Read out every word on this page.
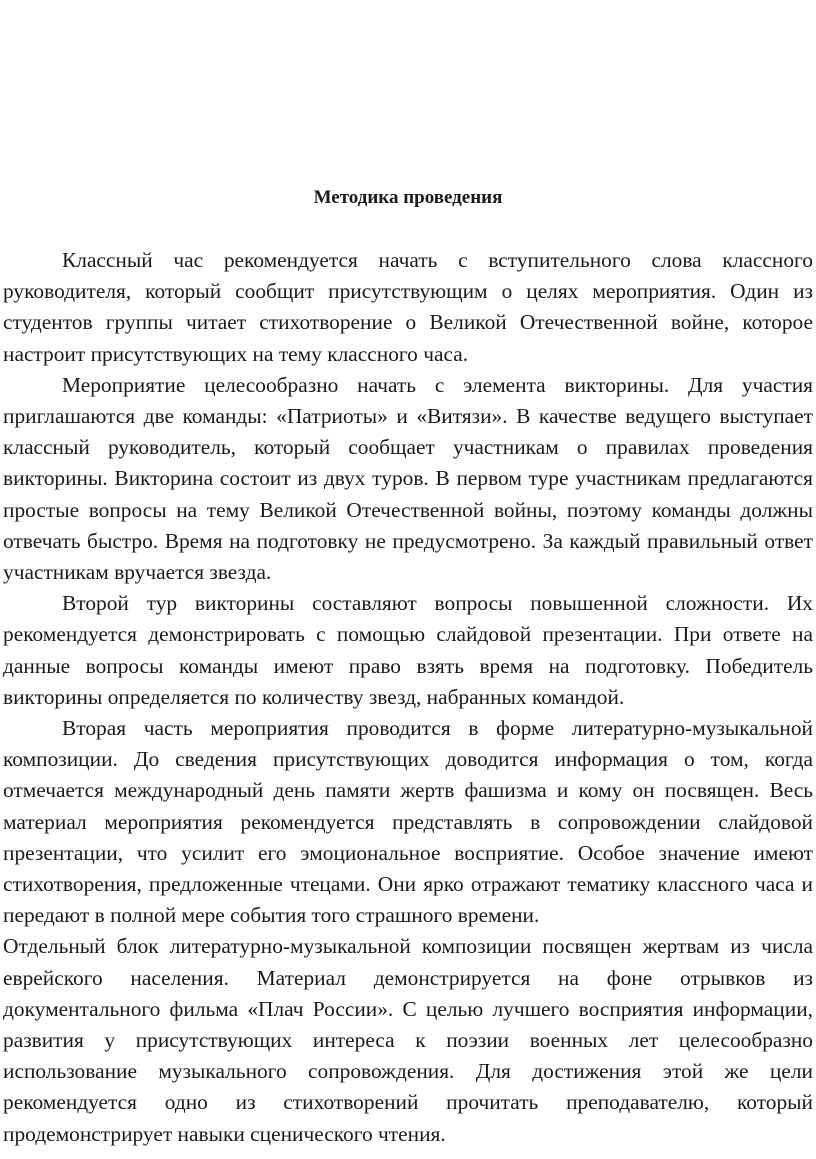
Методика проведения

Классный час рекомендуется начать с вступительного слова классного руководителя, который сообщит присутствующим о целях мероприятия. Один из студентов группы читает стихотворение о Великой Отечественной войне, которое настроит присутствующих на тему классного часа.

Мероприятие целесообразно начать с элемента викторины. Для участия приглашаются две команды: «Патриоты» и «Витязи». В качестве ведущего выступает классный руководитель, который сообщает участникам о правилах проведения викторины. Викторина состоит из двух туров. В первом туре участникам предлагаются простые вопросы на тему Великой Отечественной войны, поэтому команды должны отвечать быстро. Время на подготовку не предусмотрено. За каждый правильный ответ участникам вручается звезда.

Второй тур викторины составляют вопросы повышенной сложности. Их рекомендуется демонстрировать с помощью слайдовой презентации. При ответе на данные вопросы команды имеют право взять время на подготовку. Победитель викторины определяется по количеству звезд, набранных командой.

Вторая часть мероприятия проводится в форме литературно-музыкальной композиции. До сведения присутствующих доводится информация о том, когда отмечается международный день памяти жертв фашизма и кому он посвящен. Весь материал мероприятия рекомендуется представлять в сопровождении слайдовой презентации, что усилит его эмоциональное восприятие. Особое значение имеют стихотворения, предложенные чтецами. Они ярко отражают тематику классного часа и передают в полной мере события того страшного времени.

Отдельный блок литературно-музыкальной композиции посвящен жертвам из числа еврейского населения. Материал демонстрируется на фоне отрывков из документального фильма «Плач России». С целью лучшего восприятия информации, развития у присутствующих интереса к поэзии военных лет целесообразно использование музыкального сопровождения. Для достижения этой же цели рекомендуется одно из стихотворений прочитать преподавателю, который продемонстрирует навыки сценического чтения.
